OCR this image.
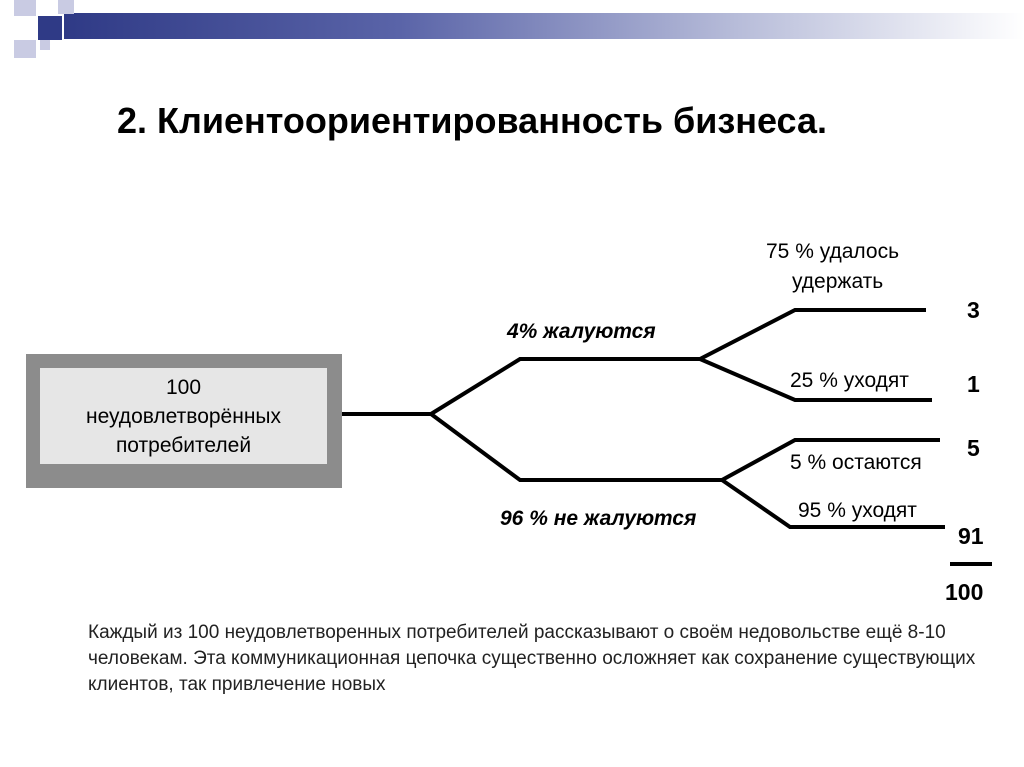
2. Клиентоориентированность бизнеса.
100
неудовлетворённых
потребителей
4% жалуются
96 % не жалуются
75 % удалось
удержать
25 % уходят
5 % остаются
95 % уходят
3
1
5
91
100
Каждый из 100 неудовлетворенных потребителей рассказывают о своём недовольстве ещё 8-10 человекам. Эта коммуникационная цепочка существенно осложняет как сохранение существующих клиентов, так привлечение новых
